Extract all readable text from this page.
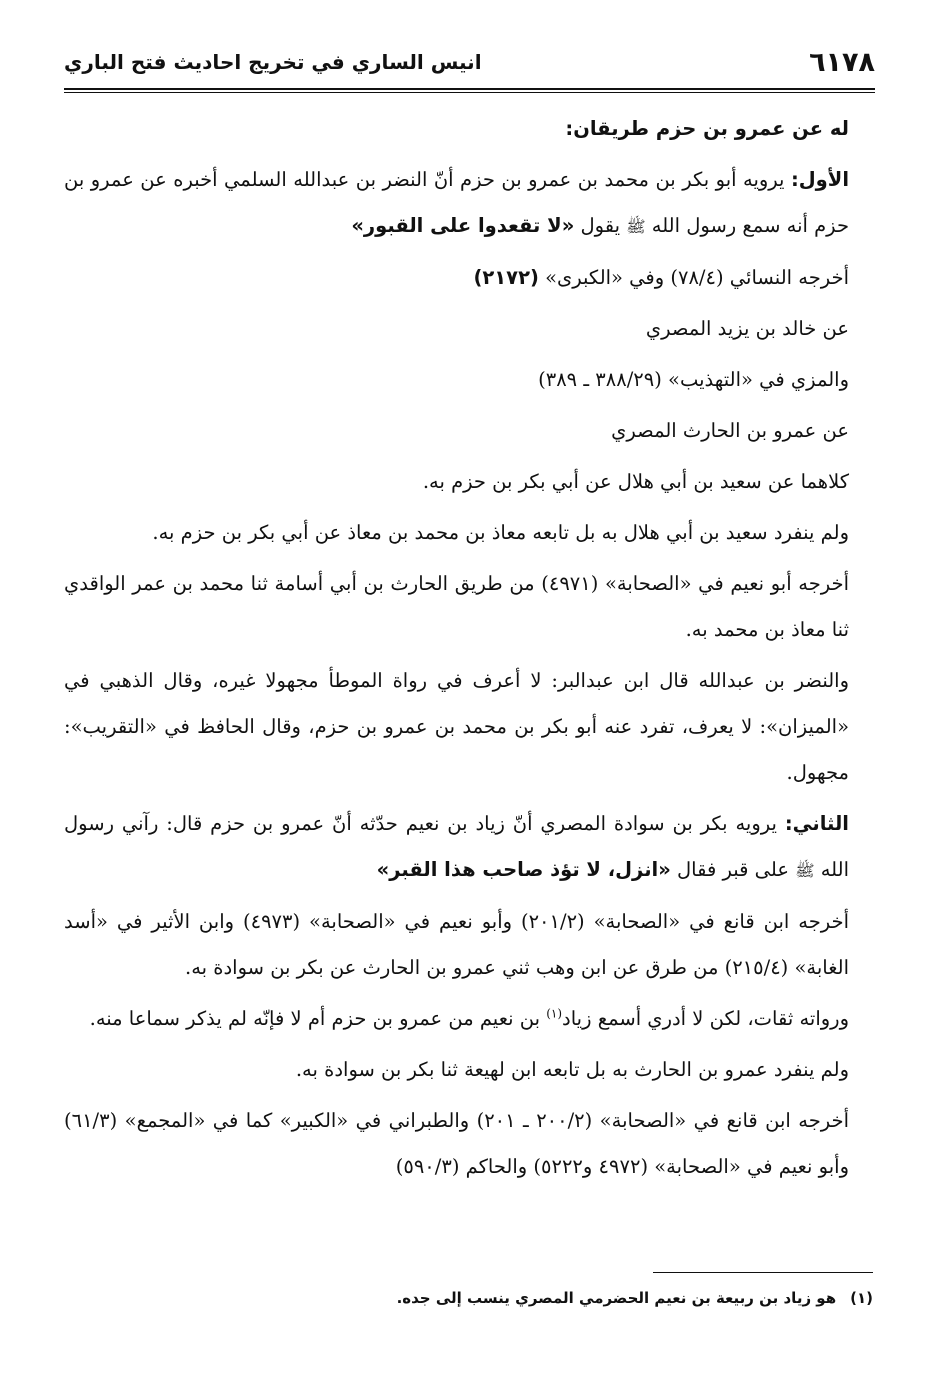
٦١٧٨
انيس الساري في تخريج احاديث فتح الباري

له عن عمرو بن حزم طريقان:

الأول: يرويه أبو بكر بن محمد بن عمرو بن حزم أنّ النضر بن عبدالله السلمي أخبره عن عمرو بن حزم أنه سمع رسول الله ﷺ يقول «لا تقعدوا على القبور»

أخرجه النسائي (٧٨/٤) وفي «الكبرى» (٢١٧٢)

عن خالد بن يزيد المصري

والمزي في «التهذيب» (٣٨٨/٢٩ ـ ٣٨٩)

عن عمرو بن الحارث المصري

كلاهما عن سعيد بن أبي هلال عن أبي بكر بن حزم به.

ولم ينفرد سعيد بن أبي هلال به بل تابعه معاذ بن محمد بن معاذ عن أبي بكر بن حزم به.

أخرجه أبو نعيم في «الصحابة» (٤٩٧١) من طريق الحارث بن أبي أسامة ثنا محمد بن عمر الواقدي ثنا معاذ بن محمد به.

والنضر بن عبدالله قال ابن عبدالبر: لا أعرف في رواة الموطأ مجهولا غيره، وقال الذهبي في «الميزان»: لا يعرف، تفرد عنه أبو بكر بن محمد بن عمرو بن حزم، وقال الحافظ في «التقريب»: مجهول.

الثاني: يرويه بكر بن سوادة المصري أنّ زياد بن نعيم حدّثه أنّ عمرو بن حزم قال: رآني رسول الله ﷺ على قبر فقال «انزل، لا تؤذ صاحب هذا القبر»

أخرجه ابن قانع في «الصحابة» (٢٠١/٢) وأبو نعيم في «الصحابة» (٤٩٧٣) وابن الأثير في «أسد الغابة» (٢١٥/٤) من طرق عن ابن وهب ثني عمرو بن الحارث عن بكر بن سوادة به.

ورواته ثقات، لكن لا أدري أسمع زياد$^{(١)}$ بن نعيم من عمرو بن حزم أم لا فإنّه لم يذكر سماعا منه.

ولم ينفرد عمرو بن الحارث به بل تابعه ابن لهيعة ثنا بكر بن سوادة به.

أخرجه ابن قانع في «الصحابة» (٢٠٠/٢ ـ ٢٠١) والطبراني في «الكبير» كما في «المجمع» (٦١/٣) وأبو نعيم في «الصحابة» (٤٩٧٢ و٥٢٢٢) والحاكم (٥٩٠/٣)

(١)هو زياد بن ربيعة بن نعيم الحضرمي المصري ينسب إلى جده.
